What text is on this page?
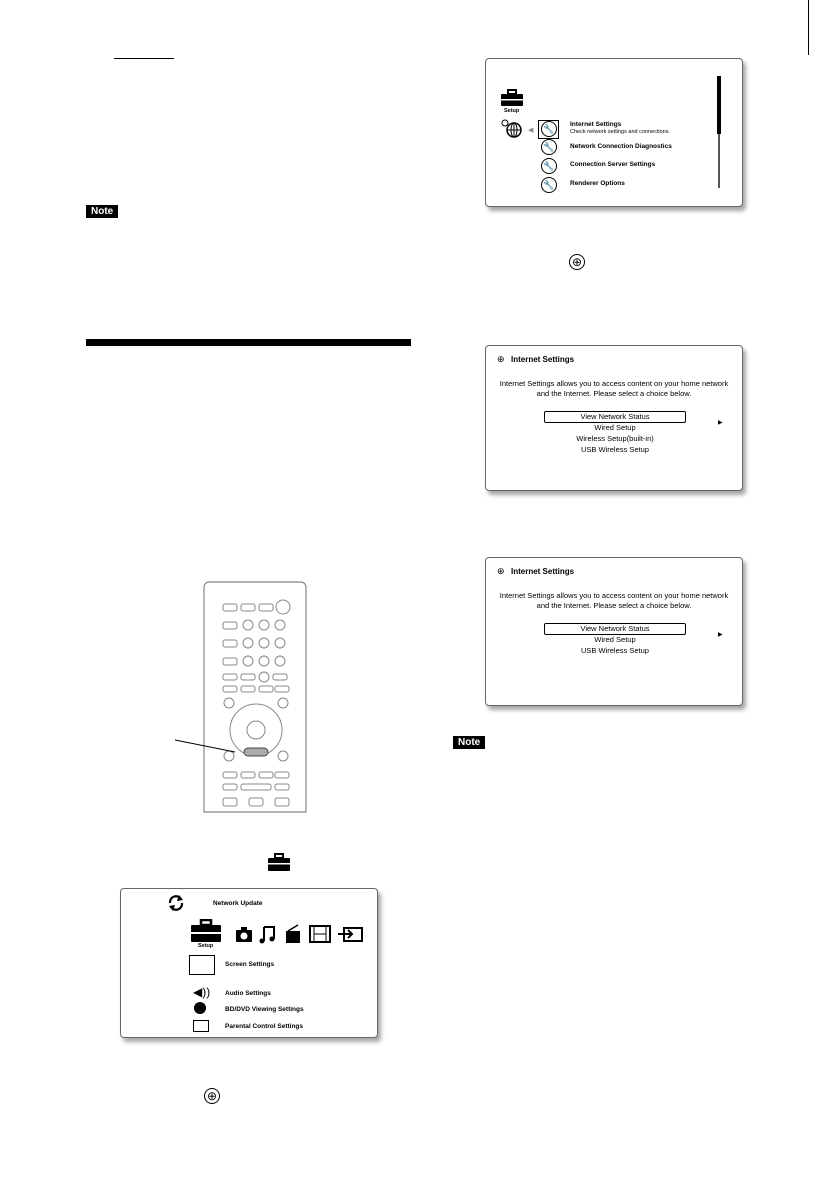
Note
Network Update
Setup
Screen Settings
◀)) Audio Settings
BD/DVD Viewing Settings
Parental Control Settings
⊕
Setup
◀ 🔧	Internet Settings
Check network settings and connections.
🔧	Network Connection Diagnostics
🔧	Connection Server Settings
🔧	Renderer Options
⊕
⊕ Internet Settings
Internet Settings allows you to access content on your home network
and the Internet. Please select a choice below.
View Network Status
▶
Wired Setup
Wireless Setup(built-in)
USB Wireless Setup
⊕ Internet Settings
Internet Settings allows you to access content on your home network
and the Internet. Please select a choice below.
View Network Status
▶
Wired Setup
USB Wireless Setup
Note
